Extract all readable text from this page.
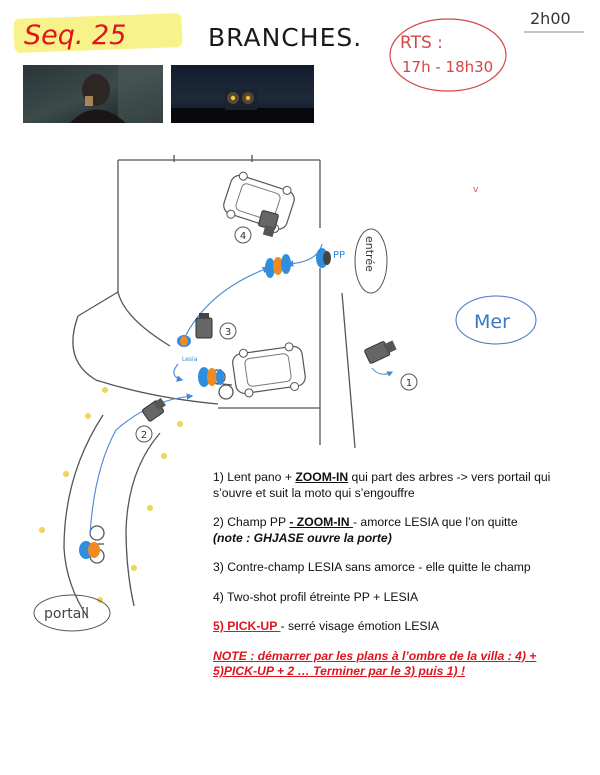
Seq. 25	BRANCHES. RTS :
17h - 18h30
2h00
1
2
3
4	entrée
PP
Lesia
Mer
portail
v

1) Lent pano + ZOOM-IN qui part des arbres -> vers portail qui s’ouvre et suit la moto qui s’engouffre

2) Champ PP - ZOOM-IN - amorce LESIA que l’on quitte
(note : GHJASE ouvre la porte)

3) Contre-champ LESIA sans amorce - elle quitte le champ

4) Two-shot profil étreinte PP + LESIA

5) PICK-UP - serré visage émotion LESIA

NOTE : démarrer par les plans à l’ombre de la villa : 4) + 5)PICK-UP + 2 … Terminer par le 3) puis 1) !
